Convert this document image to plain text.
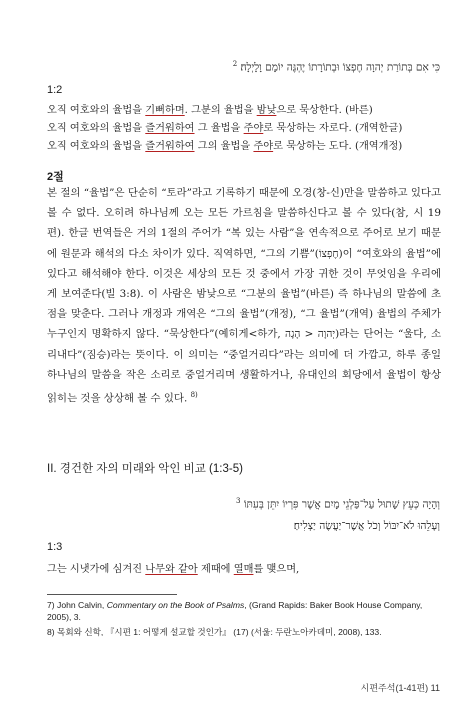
כִּי אִם בְּתוֹרַת יְהוָה חֶפְצוֹ וּבְתוֹרָתוֹ יֶהְגֶּה יוֹמָם וָלָיְלָה׃ $^2$
1:2
오직 여호와의 율법을 기뻐하며. 그분의 율법을 밤낮으로 묵상한다. (바른)
오직 여호와의 율법을 즐거워하여 그 율법을 주야로 묵상하는 자로다. (개역한글)
오직 여호와의 율법을 즐거워하여 그의 율법을 주야로 묵상하는 도다. (개역개정)
2절
본 절의 “율법”은 단순히 “토라”라고 기록하기 때문에 오경(창-신)만을 말씀하고 있다고 볼 수 없다. 오히려 하나님께 오는 모든 가르침을 말씀하신다고 볼 수 있다(참, 시 19편). 한글 번역들은 거의 1절의 주어가 “복 있는 사람”을 연속적으로 주어로 보기 때문에 원문과 해석의 다소 차이가 있다. 직역하면, “그의 기쁨”(חֶפְצוֹ)이 “여호와의 율법”에 있다고 해석해야 한다. 이것은 세상의 모든 것 중에서 가장 귀한 것이 무엇임을 우리에게 보여준다(빌 3:8). 이 사람은 밤낮으로 “그분의 율법”(바른) 즉 하나님의 말씀에 초점을 맞춘다. 그러나 개정과 개역은 “그의 율법”(개정), “그 율법”(개역) 율법의 주체가 누구인지 명확하지 않다. “묵상한다”(예히게<하가, יְהוָה < הָגָה)라는 단어는 “울다, 소리내다”(짐승)라는 뜻이다. 이 의미는 “중얼거리다”라는 의미에 더 가깝고, 하루 종일 하나님의 말씀을 작은 소리로 중얼거리며 생활하거나, 유대인의 회당에서 율법이 항상 읽히는 것을 상상해 볼 수 있다. $^{8)}$
II. 경건한 자의 미래와 악인 비교 (1:3-5)
וְהָיָה כְּעֵץ שָׁתוּל עַל־פַּלְגֵי מָיִם אֲשֶׁר פִּרְיוֹ יִתֵּן בְּעִתּוֹ $^3$
וְעָלֵהוּ לֹא־יִבּוֹל וְכֹל אֲשֶׁר־יַעֲשֶׂה יַצְלִיחַ׃
1:3
그는 시냇가에 심겨진 나무와 같아 제때에 열매를 맺으며,
7) John Calvin, Commentary on the Book of Psalms, (Grand Rapids: Baker Book House Company, 2005), 3.
8) 목회와 신학, 『시편 1: 어떻게 설교할 것인가』 (17) (서울: 두란노아카데미, 2008), 133.
시편주석(1-41편) 11
